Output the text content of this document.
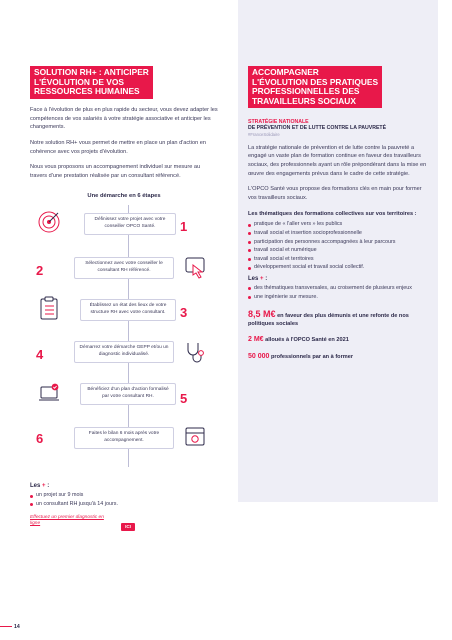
SOLUTION RH+ : ANTICIPER
L'ÉVOLUTION DE VOS
RESSOURCES HUMAINES

Face à l'évolution de plus en plus rapide du secteur, vous devez adapter les compétences de vos salariés à votre stratégie associative et anticiper les changements.

Notre solution RH+ vous permet de mettre en place un plan d'action en cohérence avec vos projets d'évolution.

Nous vous proposons un accompagnement individuel sur mesure au travers d'une prestation réalisée par un consultant référencé.

Une démarche en 6 étapes
Définissez votre projet avec votre conseiller OPCO Santé.	1
2	Sélectionnez avec votre conseiller le consultant RH référencé.
Établissez un état des lieux de votre structure RH avec votre consultant.	3
4	Démarrez votre démarche GEPP et/ou un diagnostic individualisé.
Bénéficiez d'un plan d'action formalisé par votre consultant RH.	5
6	Faites le bilan 6 mois après votre accompagnement.
Les + :
un projet sur 9 mois
un consultant RH jusqu'à 14 jours.
Effectuez un premier diagnostic en ligne
ICI
ACCOMPAGNER
L'ÉVOLUTION DES PRATIQUES
PROFESSIONNELLES DES
TRAVAILLEURS SOCIAUX
STRATÉGIE NATIONALE
DE PRÉVENTION ET DE LUTTE CONTRE LA PAUVRETÉ
#FranceSolidaire

La stratégie nationale de prévention et de lutte contre la pauvreté a engagé un vaste plan de formation continue en faveur des travailleurs sociaux, des professionnels ayant un rôle prépondérant dans la mise en œuvre des engagements prévus dans le cadre de cette stratégie.

L'OPCO Santé vous propose des formations clés en main pour former vos travailleurs sociaux.

Les thématiques des formations collectives sur vos territoires :
pratique de « l'aller vers » les publics
travail social et insertion socioprofessionnelle
participation des personnes accompagnées à leur parcours
travail social et numérique
travail social et territoires
développement social et travail social collectif.
Les + :
des thématiques transversales, au croisement de plusieurs enjeux
une ingénierie sur mesure.
8,5 M€ en faveur des plus démunis et une refonte de nos politiques sociales
2 M€ alloués à l'OPCO Santé en 2021
50 000 professionnels par an à former
14
